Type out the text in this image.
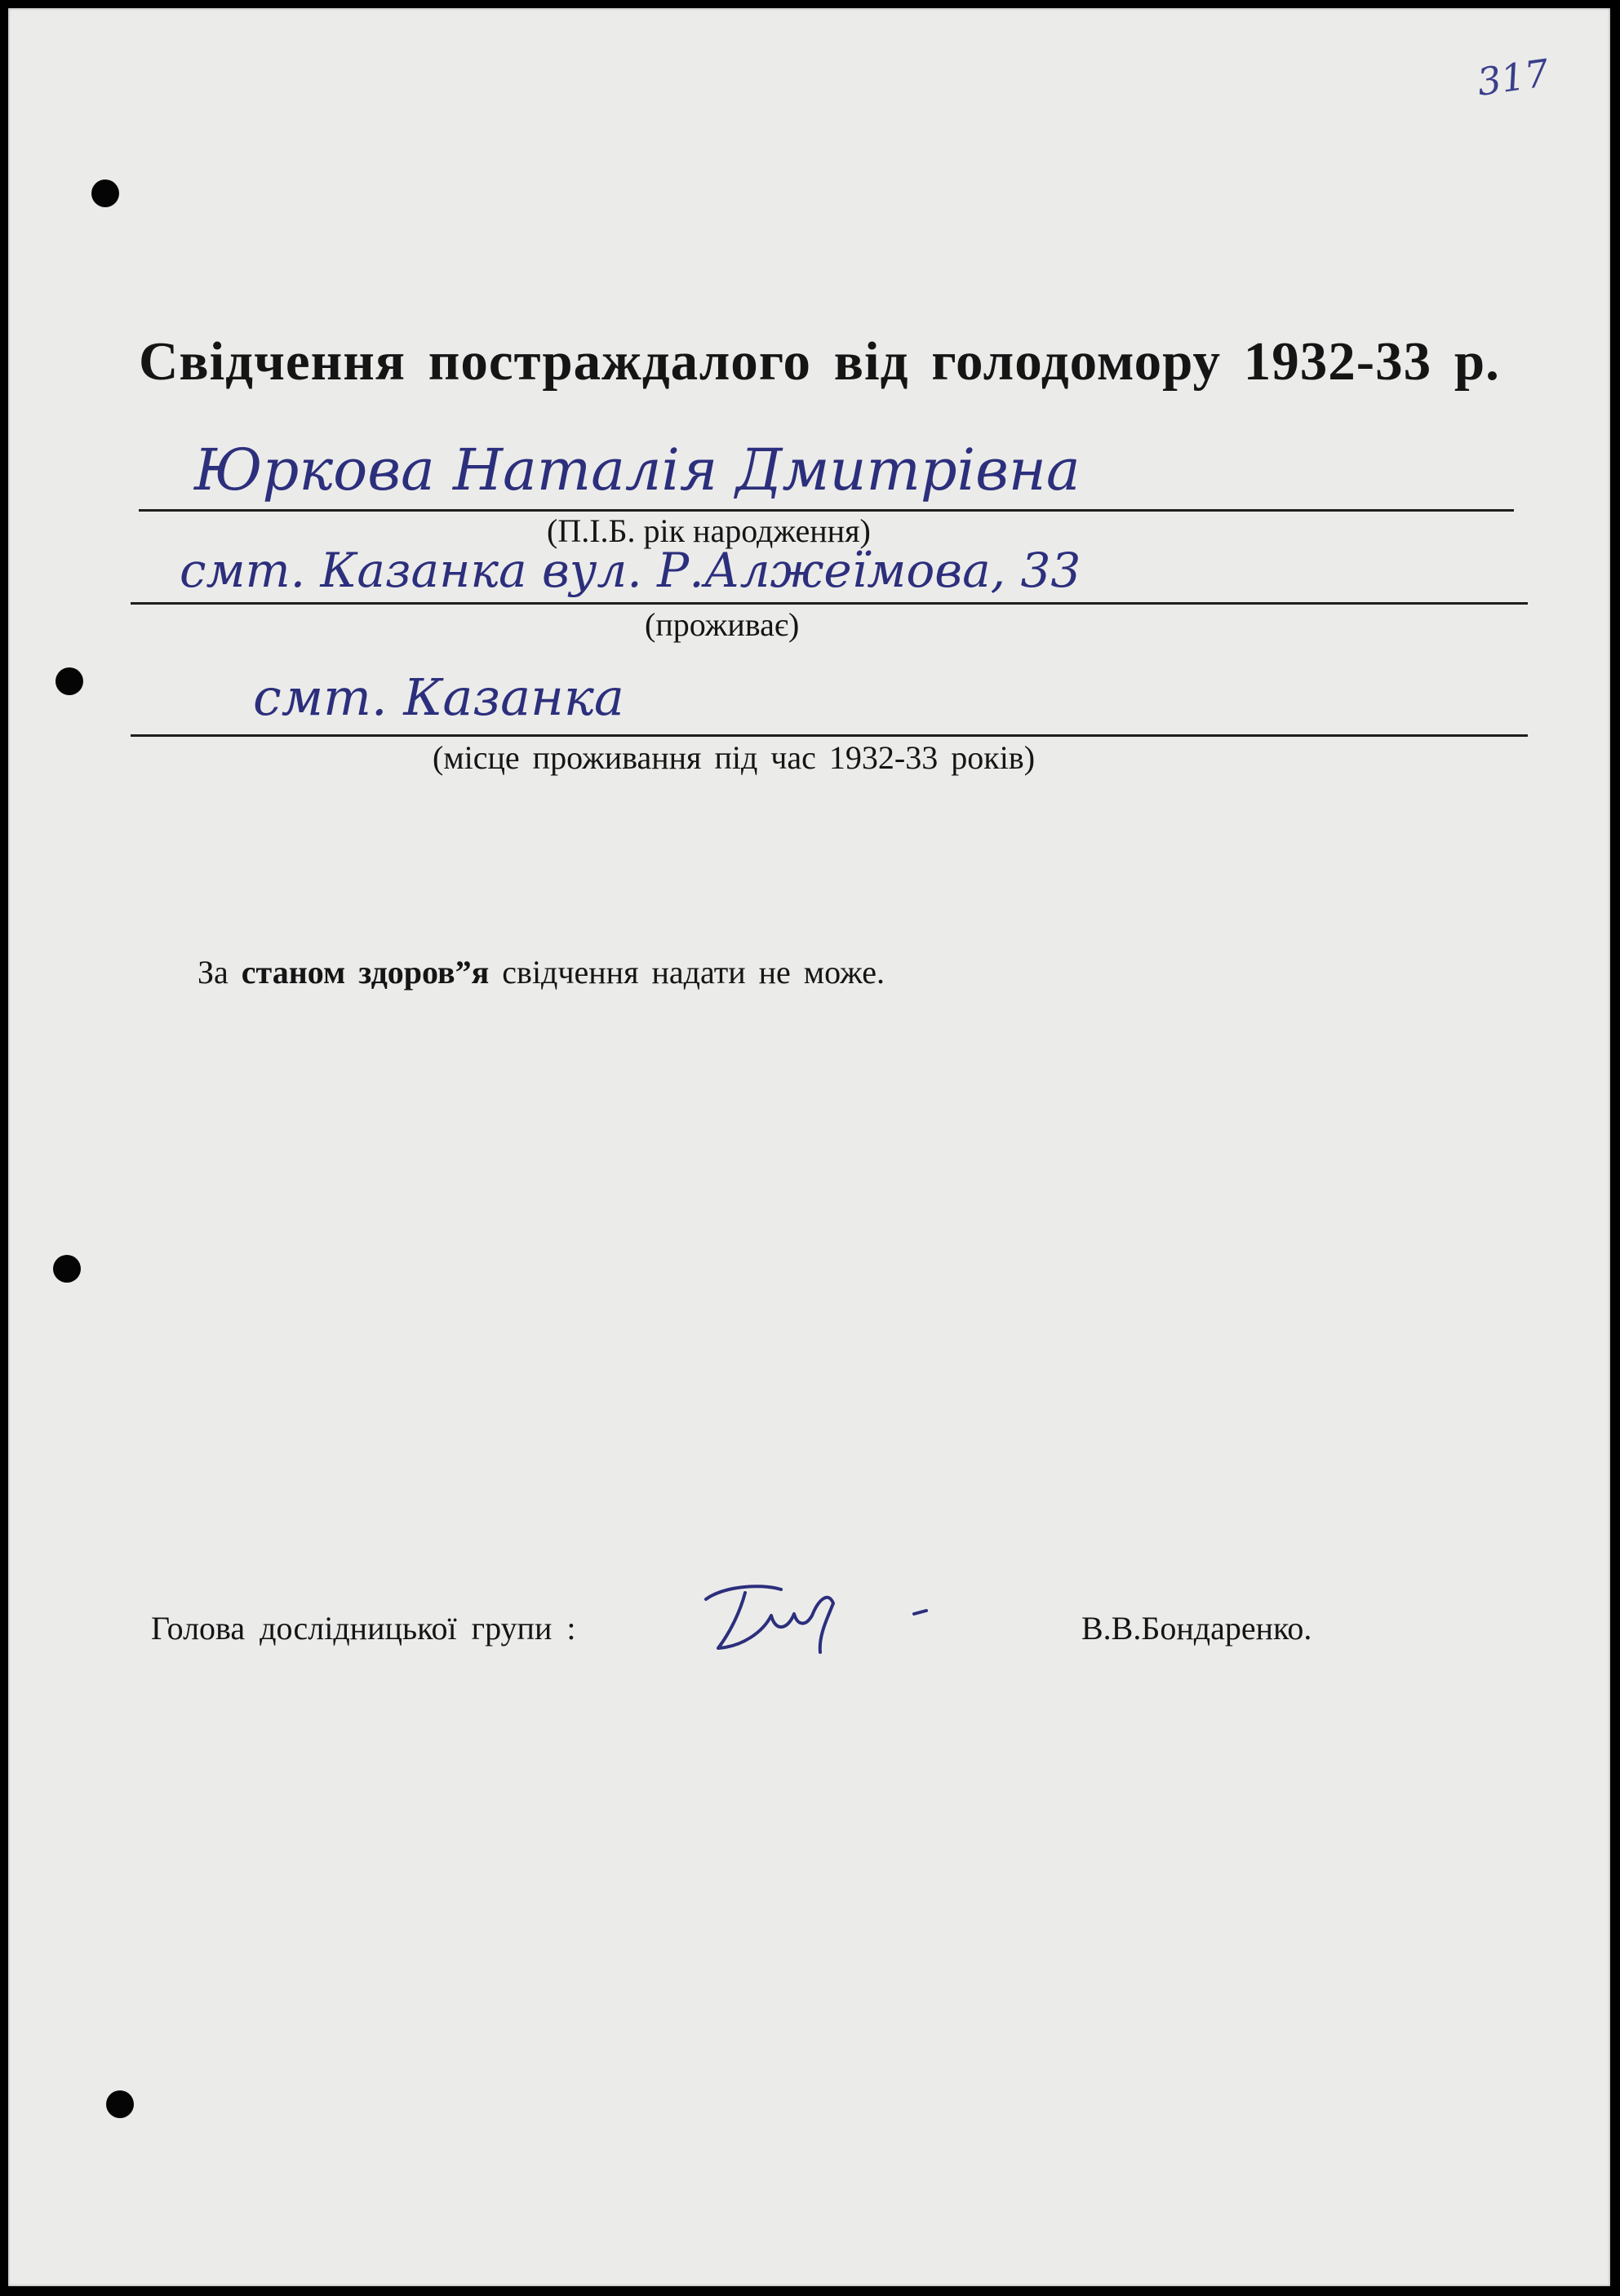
317
Свідчення постраждалого від голодомору 1932-33 р.
Юркова Наталія Дмитрівна
(П.І.Б. рік народження)
смт. Казанка вул. Р.Алжеїмова, 33
(проживає)
смт. Казанка
(місце проживання під час 1932-33 років)
За станом здоров”я свідчення надати не може.
Голова дослідницької групи :	В.В.Бондаренко.
